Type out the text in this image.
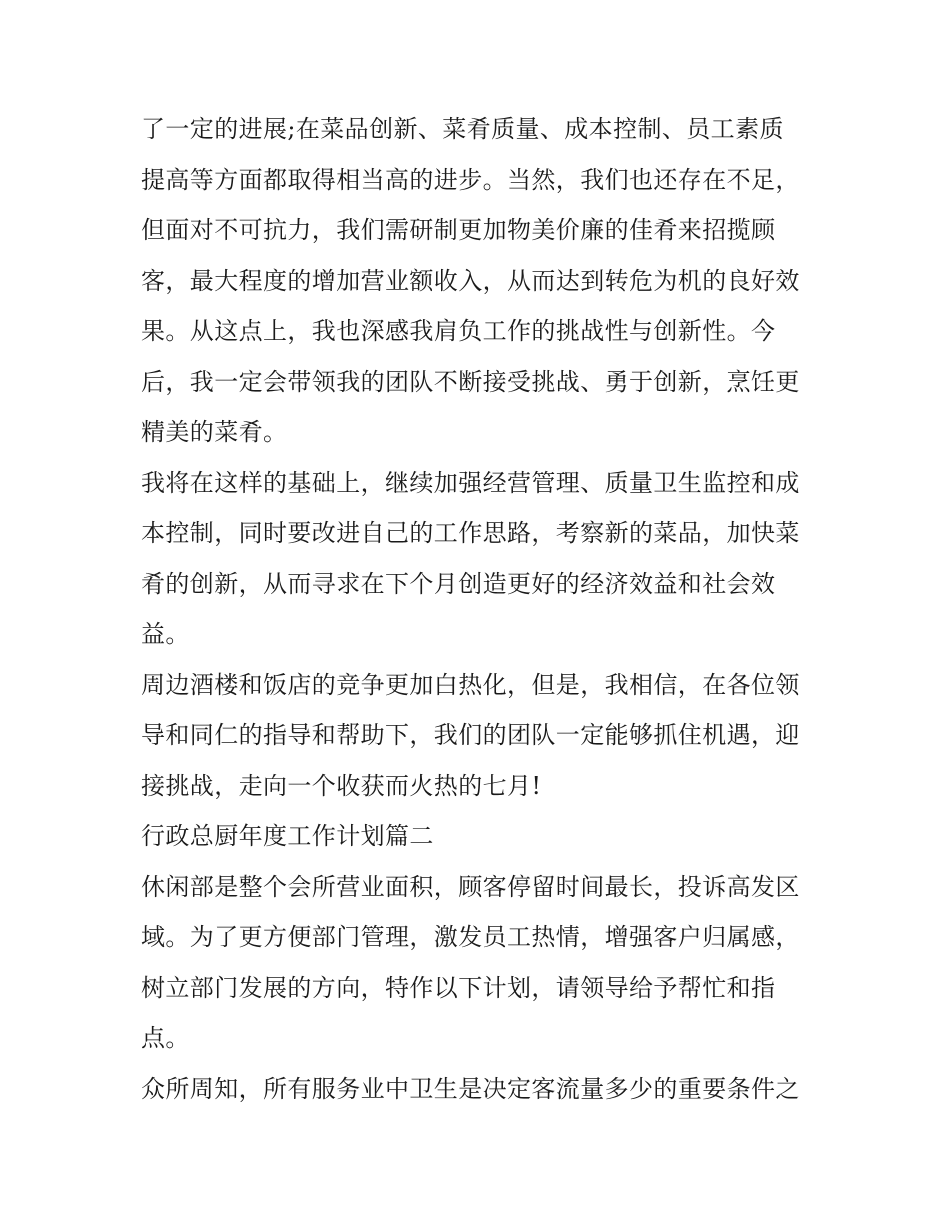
了一定的进展;在菜品创新、菜肴质量、成本控制、员工素质
提高等方面都取得相当高的进步。当然，我们也还存在不足，
但面对不可抗力，我们需研制更加物美价廉的佳肴来招揽顾
客，最大程度的增加营业额收入，从而达到转危为机的良好效
果。从这点上，我也深感我肩负工作的挑战性与创新性。今
后，我一定会带领我的团队不断接受挑战、勇于创新，烹饪更
精美的菜肴。
我将在这样的基础上，继续加强经营管理、质量卫生监控和成
本控制，同时要改进自己的工作思路，考察新的菜品，加快菜
肴的创新，从而寻求在下个月创造更好的经济效益和社会效
益。
周边酒楼和饭店的竞争更加白热化，但是，我相信，在各位领
导和同仁的指导和帮助下，我们的团队一定能够抓住机遇，迎
接挑战，走向一个收获而火热的七月!
行政总厨年度工作计划篇二
休闲部是整个会所营业面积，顾客停留时间最长，投诉高发区
域。为了更方便部门管理，激发员工热情，增强客户归属感，
树立部门发展的方向，特作以下计划，请领导给予帮忙和指
点。
众所周知，所有服务业中卫生是决定客流量多少的重要条件之
